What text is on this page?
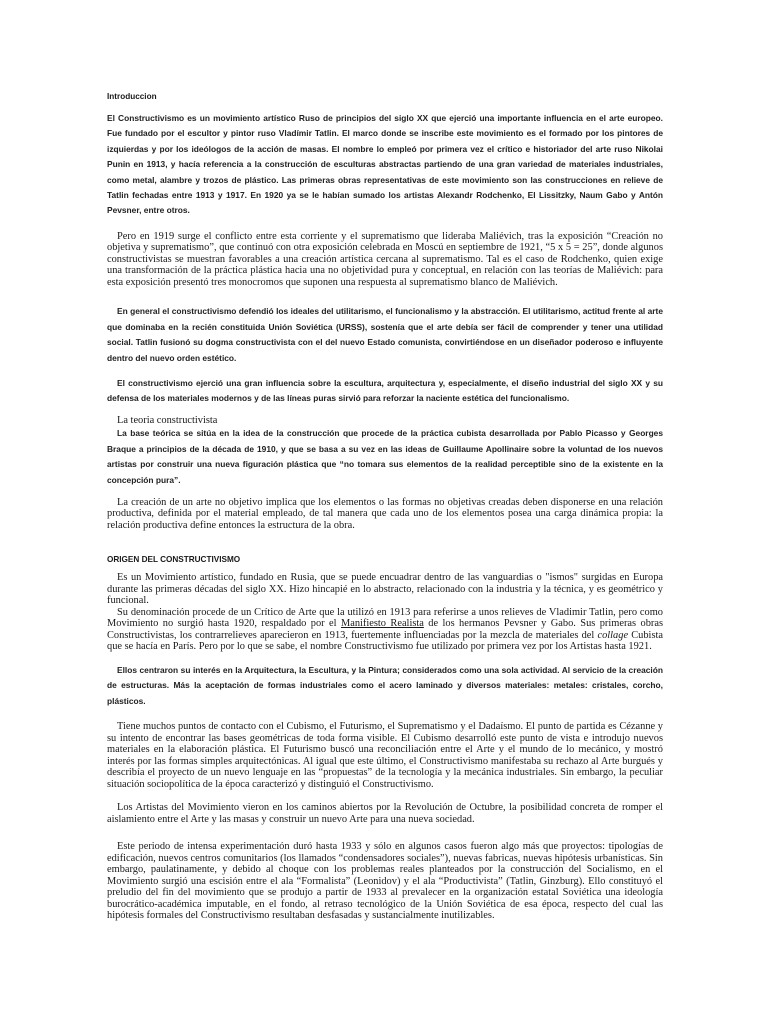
Introduccion

El Constructivismo es un movimiento artístico Ruso de principios del siglo XX que ejerció una importante influencia en el arte europeo. Fue fundado por el escultor y pintor ruso Vladímir Tatlin. El marco donde se inscribe este movimiento es el formado por los pintores de izquierdas y por los ideólogos de la acción de masas. El nombre lo empleó por primera vez el crítico e historiador del arte ruso Nikolai Punin en 1913, y hacía referencia a la construcción de esculturas abstractas partiendo de una gran variedad de materiales industriales, como metal, alambre y trozos de plástico. Las primeras obras representativas de este movimiento son las construcciones en relieve de Tatlin fechadas entre 1913 y 1917. En 1920 ya se le habían sumado los artistas Alexandr Rodchenko, El Lissitzky, Naum Gabo y Antón Pevsner, entre otros.

Pero en 1919 surge el conflicto entre esta corriente y el suprematismo que lideraba Maliévich, tras la exposición “Creación no objetiva y suprematismo”, que continuó con otra exposición celebrada en Moscú en septiembre de 1921, “5 x 5 = 25”, donde algunos constructivistas se muestran favorables a una creación artística cercana al suprematismo. Tal es el caso de Rodchenko, quien exige una transformación de la práctica plástica hacia una no objetividad pura y conceptual, en relación con las teorías de Maliévich: para esta exposición presentó tres monocromos que suponen una respuesta al suprematismo blanco de Maliévich.

En general el constructivismo defendió los ideales del utilitarismo, el funcionalismo y la abstracción. El utilitarismo, actitud frente al arte que dominaba en la recién constituida Unión Soviética (URSS), sostenía que el arte debía ser fácil de comprender y tener una utilidad social. Tatlin fusionó su dogma constructivista con el del nuevo Estado comunista, convirtiéndose en un diseñador poderoso e influyente dentro del nuevo orden estético.

El constructivismo ejerció una gran influencia sobre la escultura, arquitectura y, especialmente, el diseño industrial del siglo XX y su defensa de los materiales modernos y de las líneas puras sirvió para reforzar la naciente estética del funcionalismo.

La teoria constructivista

La base teórica se sitúa en la idea de la construcción que procede de la práctica cubista desarrollada por Pablo Picasso y Georges Braque a principios de la década de 1910, y que se basa a su vez en las ideas de Guillaume Apollinaire sobre la voluntad de los nuevos artistas por construir una nueva figuración plástica que “no tomara sus elementos de la realidad perceptible sino de la existente en la concepción pura”.

La creación de un arte no objetivo implica que los elementos o las formas no objetivas creadas deben disponerse en una relación productiva, definida por el material empleado, de tal manera que cada uno de los elementos posea una carga dinámica propia: la relación productiva define entonces la estructura de la obra.

ORIGEN DEL CONSTRUCTIVISMO

Es un Movimiento artístico, fundado en Rusia, que se puede encuadrar dentro de las vanguardias o "ismos" surgidas en Europa durante las primeras décadas del siglo XX. Hizo hincapié en lo abstracto, relacionado con la industria y la técnica, y es geométrico y funcional.

Su denominación procede de un Crítico de Arte que la utilizó en 1913 para referirse a unos relieves de Vladimir Tatlin, pero como Movimiento no surgió hasta 1920, respaldado por el Manifiesto Realista de los hermanos Pevsner y Gabo. Sus primeras obras Constructivistas, los contrarrelieves aparecieron en 1913, fuertemente influenciadas por la mezcla de materiales del collage Cubista que se hacía en París. Pero por lo que se sabe, el nombre Constructivismo fue utilizado por primera vez por los Artistas hasta 1921.

Ellos centraron su interés en la Arquitectura, la Escultura, y la Pintura; considerados como una sola actividad. Al servicio de la creación de estructuras. Más la aceptación de formas industriales como el acero laminado y diversos materiales: metales: cristales, corcho, plásticos.

Tiene muchos puntos de contacto con el Cubismo, el Futurismo, el Suprematismo y el Dadaísmo. El punto de partida es Cézanne y su intento de encontrar las bases geométricas de toda forma visible. El Cubismo desarrolló este punto de vista e introdujo nuevos materiales en la elaboración plástica. El Futurismo buscó una reconciliación entre el Arte y el mundo de lo mecánico, y mostró interés por las formas simples arquitectónicas. Al igual que este último, el Constructivismo manifestaba su rechazo al Arte burgués y describía el proyecto de un nuevo lenguaje en las “propuestas” de la tecnología y la mecánica industriales. Sin embargo, la peculiar situación sociopolítica de la época caracterizó y distinguió el Constructivismo.

Los Artistas del Movimiento vieron en los caminos abiertos por la Revolución de Octubre, la posibilidad concreta de romper el aislamiento entre el Arte y las masas y construir un nuevo Arte para una nueva sociedad.

Este periodo de intensa experimentación duró hasta 1933 y sólo en algunos casos fueron algo más que proyectos: tipologías de edificación, nuevos centros comunitarios (los llamados “condensadores sociales”), nuevas fabricas, nuevas hipótesis urbanísticas. Sin embargo, paulatinamente, y debido al choque con los problemas reales planteados por la construcción del Socialismo, en el Movimiento surgió una escisión entre el ala “Formalista” (Leonidov) y el ala “Productivista” (Tatlin, Ginzburg). Ello constituyó el preludio del fin del movimiento que se produjo a partir de 1933 al prevalecer en la organización estatal Soviética una ideología burocrático-académica imputable, en el fondo, al retraso tecnológico de la Unión Soviética de esa época, respecto del cual las hipótesis formales del Constructivismo resultaban desfasadas y sustancialmente inutilizables.
